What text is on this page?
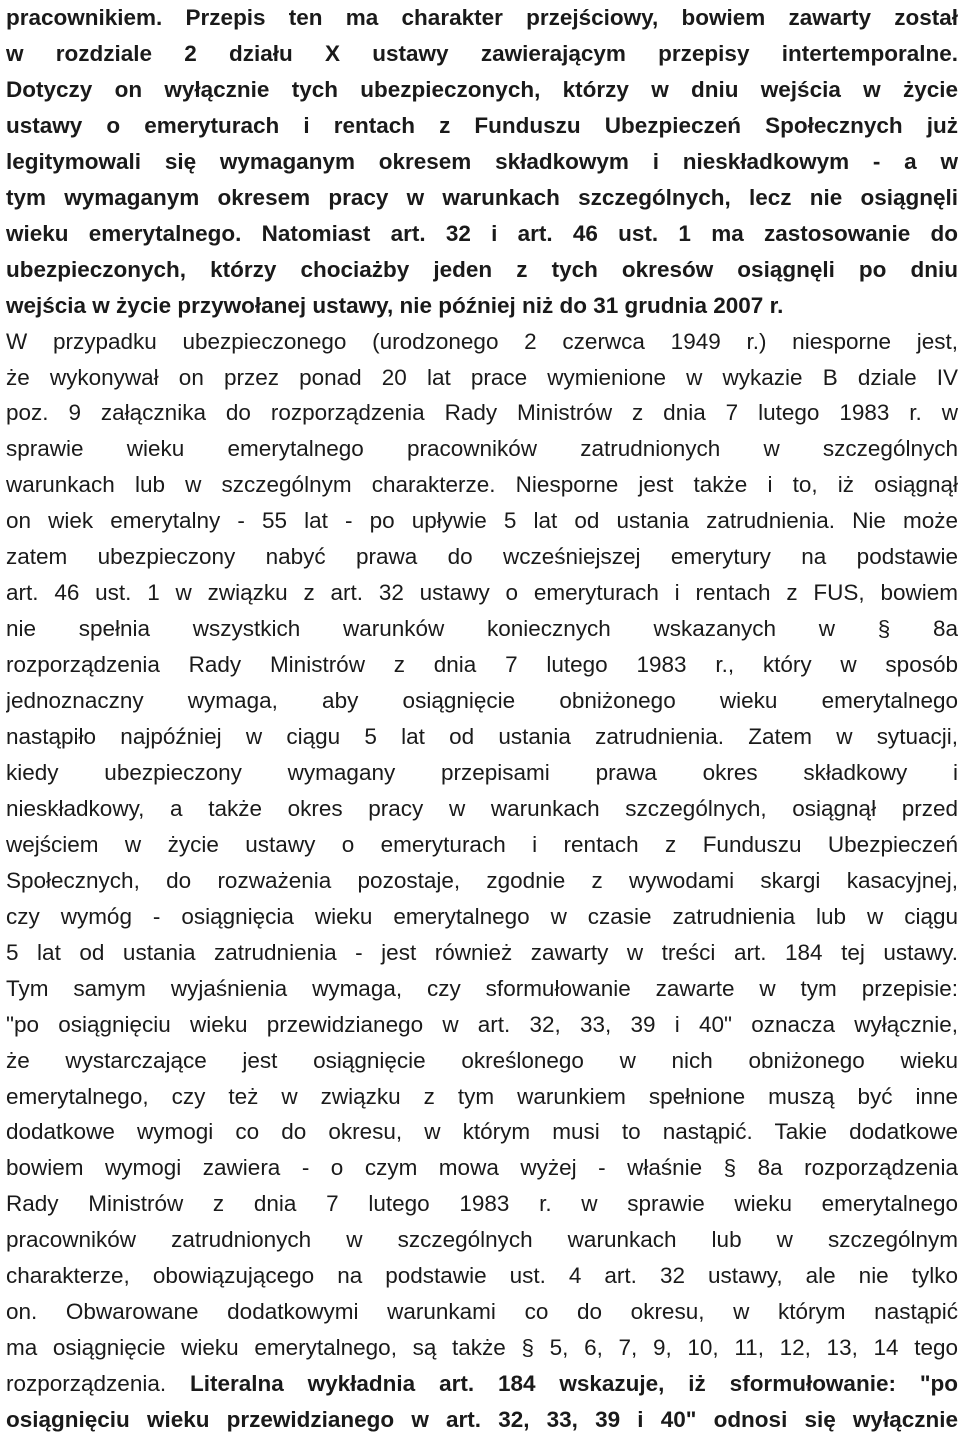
pracownikiem. Przepis ten ma charakter przejściowy, bowiem zawarty został
w rozdziale 2 działu X ustawy zawierającym przepisy intertemporalne.
Dotyczy on wyłącznie tych ubezpieczonych, którzy w dniu wejścia w życie
ustawy o emeryturach i rentach z Funduszu Ubezpieczeń Społecznych już
legitymowali się wymaganym okresem składkowym i nieskładkowym - a w
tym wymaganym okresem pracy w warunkach szczególnych, lecz nie osiągnęli
wieku emerytalnego. Natomiast art. 32 i art. 46 ust. 1 ma zastosowanie do
ubezpieczonych, którzy chociażby jeden z tych okresów osiągnęli po dniu
wejścia w życie przywołanej ustawy, nie później niż do 31 grudnia 2007 r.
W przypadku ubezpieczonego (urodzonego 2 czerwca 1949 r.) niesporne jest,
że wykonywał on przez ponad 20 lat prace wymienione w wykazie B dziale IV
poz. 9 załącznika do rozporządzenia Rady Ministrów z dnia 7 lutego 1983 r. w
sprawie wieku emerytalnego pracowników zatrudnionych w szczególnych
warunkach lub w szczególnym charakterze. Niesporne jest także i to, iż osiągnął
on wiek emerytalny - 55 lat - po upływie 5 lat od ustania zatrudnienia. Nie może
zatem ubezpieczony nabyć prawa do wcześniejszej emerytury na podstawie
art. 46 ust. 1 w związku z art. 32 ustawy o emeryturach i rentach z FUS, bowiem
nie spełnia wszystkich warunków koniecznych wskazanych w § 8a
rozporządzenia Rady Ministrów z dnia 7 lutego 1983 r., który w sposób
jednoznaczny wymaga, aby osiągnięcie obniżonego wieku emerytalnego
nastąpiło najpóźniej w ciągu 5 lat od ustania zatrudnienia. Zatem w sytuacji,
kiedy ubezpieczony wymagany przepisami prawa okres składkowy i
nieskładkowy, a także okres pracy w warunkach szczególnych, osiągnął przed
wejściem w życie ustawy o emeryturach i rentach z Funduszu Ubezpieczeń
Społecznych, do rozważenia pozostaje, zgodnie z wywodami skargi kasacyjnej,
czy wymóg - osiągnięcia wieku emerytalnego w czasie zatrudnienia lub w ciągu
5 lat od ustania zatrudnienia - jest również zawarty w treści art. 184 tej ustawy.
Tym samym wyjaśnienia wymaga, czy sformułowanie zawarte w tym przepisie:
"po osiągnięciu wieku przewidzianego w art. 32, 33, 39 i 40" oznacza wyłącznie,
że wystarczające jest osiągnięcie określonego w nich obniżonego wieku
emerytalnego, czy też w związku z tym warunkiem spełnione muszą być inne
dodatkowe wymogi co do okresu, w którym musi to nastąpić. Takie dodatkowe
bowiem wymogi zawiera - o czym mowa wyżej - właśnie § 8a rozporządzenia
Rady Ministrów z dnia 7 lutego 1983 r. w sprawie wieku emerytalnego
pracowników zatrudnionych w szczególnych warunkach lub w szczególnym
charakterze, obowiązującego na podstawie ust. 4 art. 32 ustawy, ale nie tylko
on. Obwarowane dodatkowymi warunkami co do okresu, w którym nastąpić
ma osiągnięcie wieku emerytalnego, są także § 5, 6, 7, 9, 10, 11, 12, 13, 14 tego
rozporządzenia. Literalna wykładnia art. 184 wskazuje, iż sformułowanie: "po
osiągnięciu wieku przewidzianego w art. 32, 33, 39 i 40" odnosi się wyłącznie
